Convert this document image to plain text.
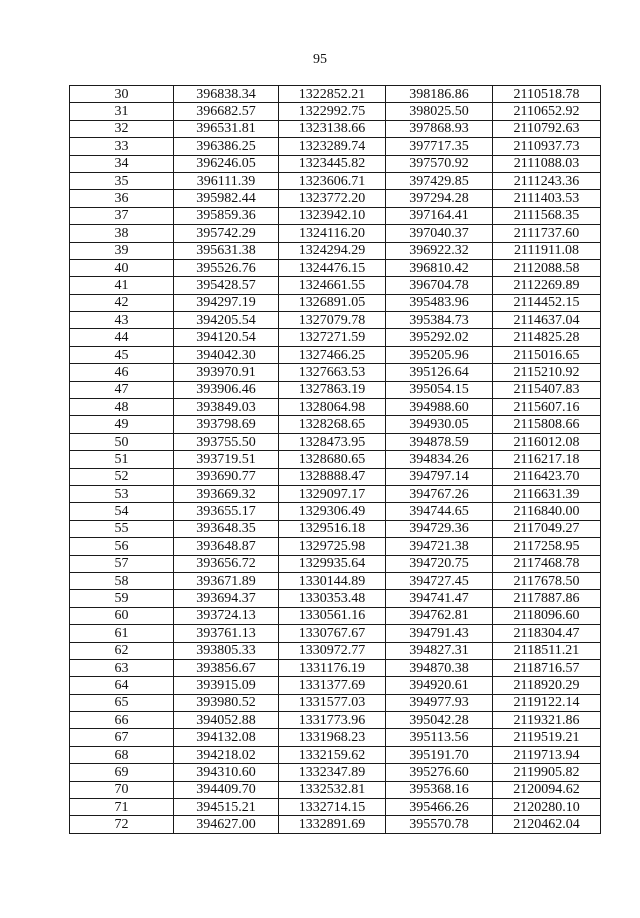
95
30	396838.34	1322852.21	398186.86	2110518.78
31	396682.57	1322992.75	398025.50	2110652.92
32	396531.81	1323138.66	397868.93	2110792.63
33	396386.25	1323289.74	397717.35	2110937.73
34	396246.05	1323445.82	397570.92	2111088.03
35	396111.39	1323606.71	397429.85	2111243.36
36	395982.44	1323772.20	397294.28	2111403.53
37	395859.36	1323942.10	397164.41	2111568.35
38	395742.29	1324116.20	397040.37	2111737.60
39	395631.38	1324294.29	396922.32	2111911.08
40	395526.76	1324476.15	396810.42	2112088.58
41	395428.57	1324661.55	396704.78	2112269.89
42	394297.19	1326891.05	395483.96	2114452.15
43	394205.54	1327079.78	395384.73	2114637.04
44	394120.54	1327271.59	395292.02	2114825.28
45	394042.30	1327466.25	395205.96	2115016.65
46	393970.91	1327663.53	395126.64	2115210.92
47	393906.46	1327863.19	395054.15	2115407.83
48	393849.03	1328064.98	394988.60	2115607.16
49	393798.69	1328268.65	394930.05	2115808.66
50	393755.50	1328473.95	394878.59	2116012.08
51	393719.51	1328680.65	394834.26	2116217.18
52	393690.77	1328888.47	394797.14	2116423.70
53	393669.32	1329097.17	394767.26	2116631.39
54	393655.17	1329306.49	394744.65	2116840.00
55	393648.35	1329516.18	394729.36	2117049.27
56	393648.87	1329725.98	394721.38	2117258.95
57	393656.72	1329935.64	394720.75	2117468.78
58	393671.89	1330144.89	394727.45	2117678.50
59	393694.37	1330353.48	394741.47	2117887.86
60	393724.13	1330561.16	394762.81	2118096.60
61	393761.13	1330767.67	394791.43	2118304.47
62	393805.33	1330972.77	394827.31	2118511.21
63	393856.67	1331176.19	394870.38	2118716.57
64	393915.09	1331377.69	394920.61	2118920.29
65	393980.52	1331577.03	394977.93	2119122.14
66	394052.88	1331773.96	395042.28	2119321.86
67	394132.08	1331968.23	395113.56	2119519.21
68	394218.02	1332159.62	395191.70	2119713.94
69	394310.60	1332347.89	395276.60	2119905.82
70	394409.70	1332532.81	395368.16	2120094.62
71	394515.21	1332714.15	395466.26	2120280.10
72	394627.00	1332891.69	395570.78	2120462.04
